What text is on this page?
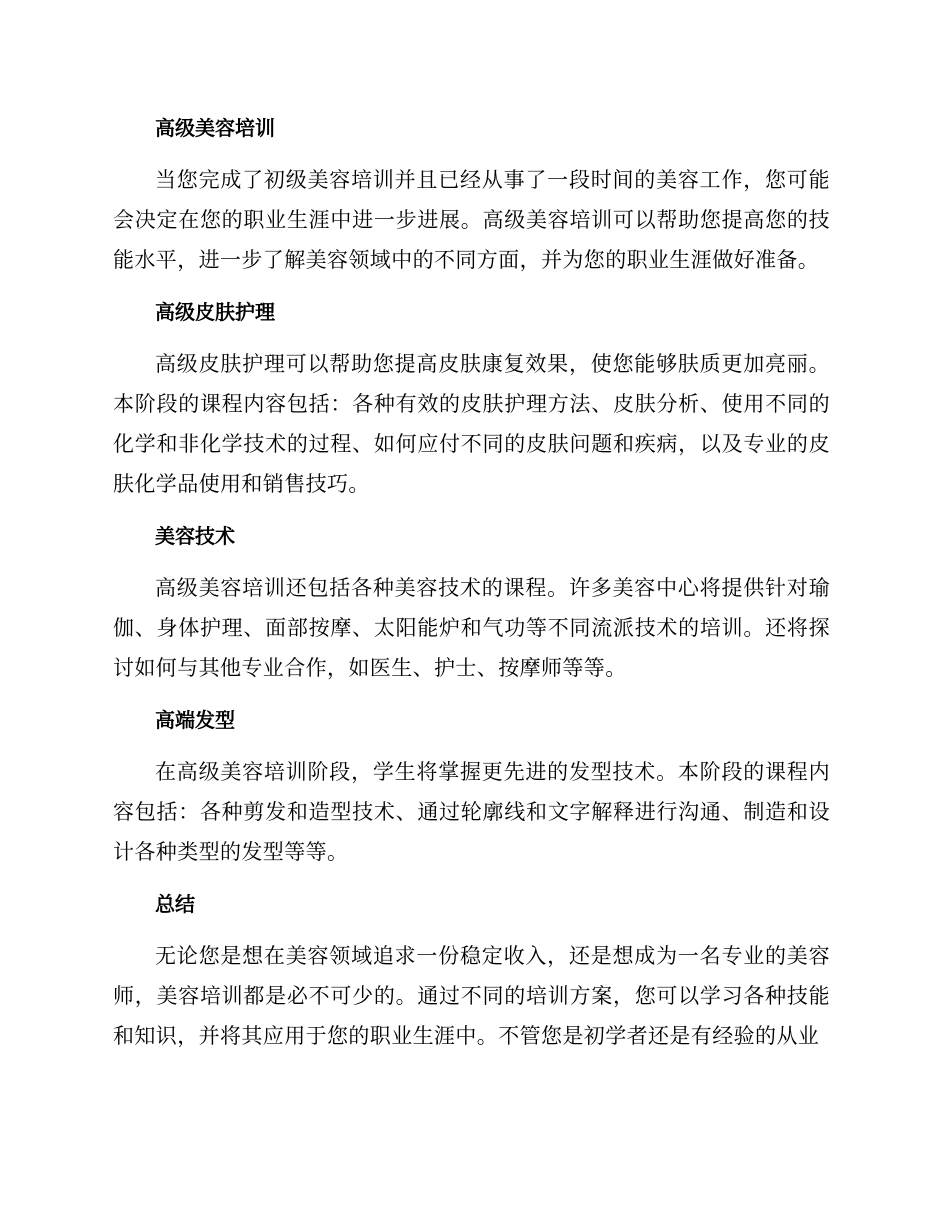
高级美容培训

当您完成了初级美容培训并且已经从事了一段时间的美容工作，您可能会决定在您的职业生涯中进一步进展。高级美容培训可以帮助您提高您的技能水平，进一步了解美容领域中的不同方面，并为您的职业生涯做好准备。

高级皮肤护理

高级皮肤护理可以帮助您提高皮肤康复效果，使您能够肤质更加亮丽。本阶段的课程内容包括：各种有效的皮肤护理方法、皮肤分析、使用不同的化学和非化学技术的过程、如何应付不同的皮肤问题和疾病，以及专业的皮肤化学品使用和销售技巧。

美容技术

高级美容培训还包括各种美容技术的课程。许多美容中心将提供针对瑜伽、身体护理、面部按摩、太阳能炉和气功等不同流派技术的培训。还将探讨如何与其他专业合作，如医生、护士、按摩师等等。

高端发型

在高级美容培训阶段，学生将掌握更先进的发型技术。本阶段的课程内容包括：各种剪发和造型技术、通过轮廓线和文字解释进行沟通、制造和设计各种类型的发型等等。

总结

无论您是想在美容领域追求一份稳定收入，还是想成为一名专业的美容师，美容培训都是必不可少的。通过不同的培训方案，您可以学习各种技能和知识，并将其应用于您的职业生涯中。不管您是初学者还是有经验的从业
